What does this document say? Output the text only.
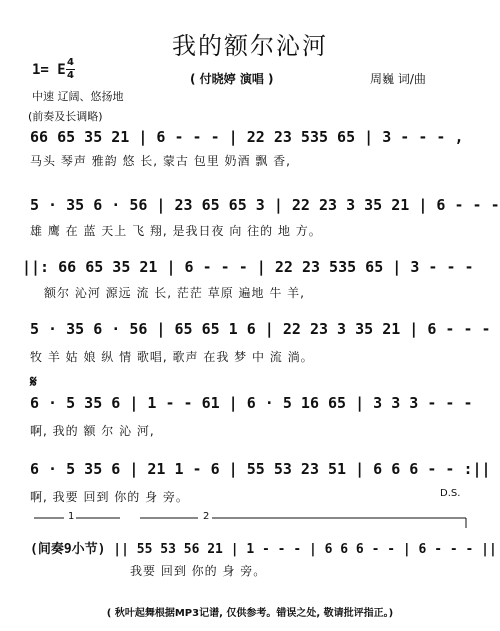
我的额尔沁河
1= E 4
4	( 付晓婷 演唱 )	周巍 词/曲
中速 辽阔、悠扬地
(前奏及长调略)
66 65 35 21 | 6 - - - | 22 23 535 65 | 3 - - - ,
马头 琴声 雅韵 悠 长, 蒙古 包里 奶酒 飘 香,
5 · 35 6 · 56 | 23 65 65 3 | 22 23 3 35 21 | 6 - - -
雄 鹰 在 蓝 天上 飞 翔, 是我日夜 向 往的 地 方。
||: 66 65 35 21 | 6 - - - | 22 23 535 65 | 3 - - -
额尔 沁河 源远 流 长, 茫茫 草原 遍地 牛 羊,
5 · 35 6 · 56 | 65 65 1 6 | 22 23 3 35 21 | 6 - - -
牧 羊 姑 娘 纵 情 歌唱, 歌声 在我 梦 中 流 淌。
𝄋
6 · 5 35 6 | 1 - - 61 | 6 · 5 16 65 | 3 3 3 - - -
啊, 我的 额 尔 沁 河,
6 · 5 35 6 | 21 1 - 6 | 55 53 23 51 | 6 6 6 - - :||
啊, 我要 回到 你的 身 旁。	D.S.
1	2
(间奏9小节) || 55 53 56 21 | 1 - - - | 6 6 6 - - | 6 - - - ||
我要 回到 你的 身 旁。
( 秋叶起舞根据MP3记谱, 仅供参考。错误之处, 敬请批评指正。)
